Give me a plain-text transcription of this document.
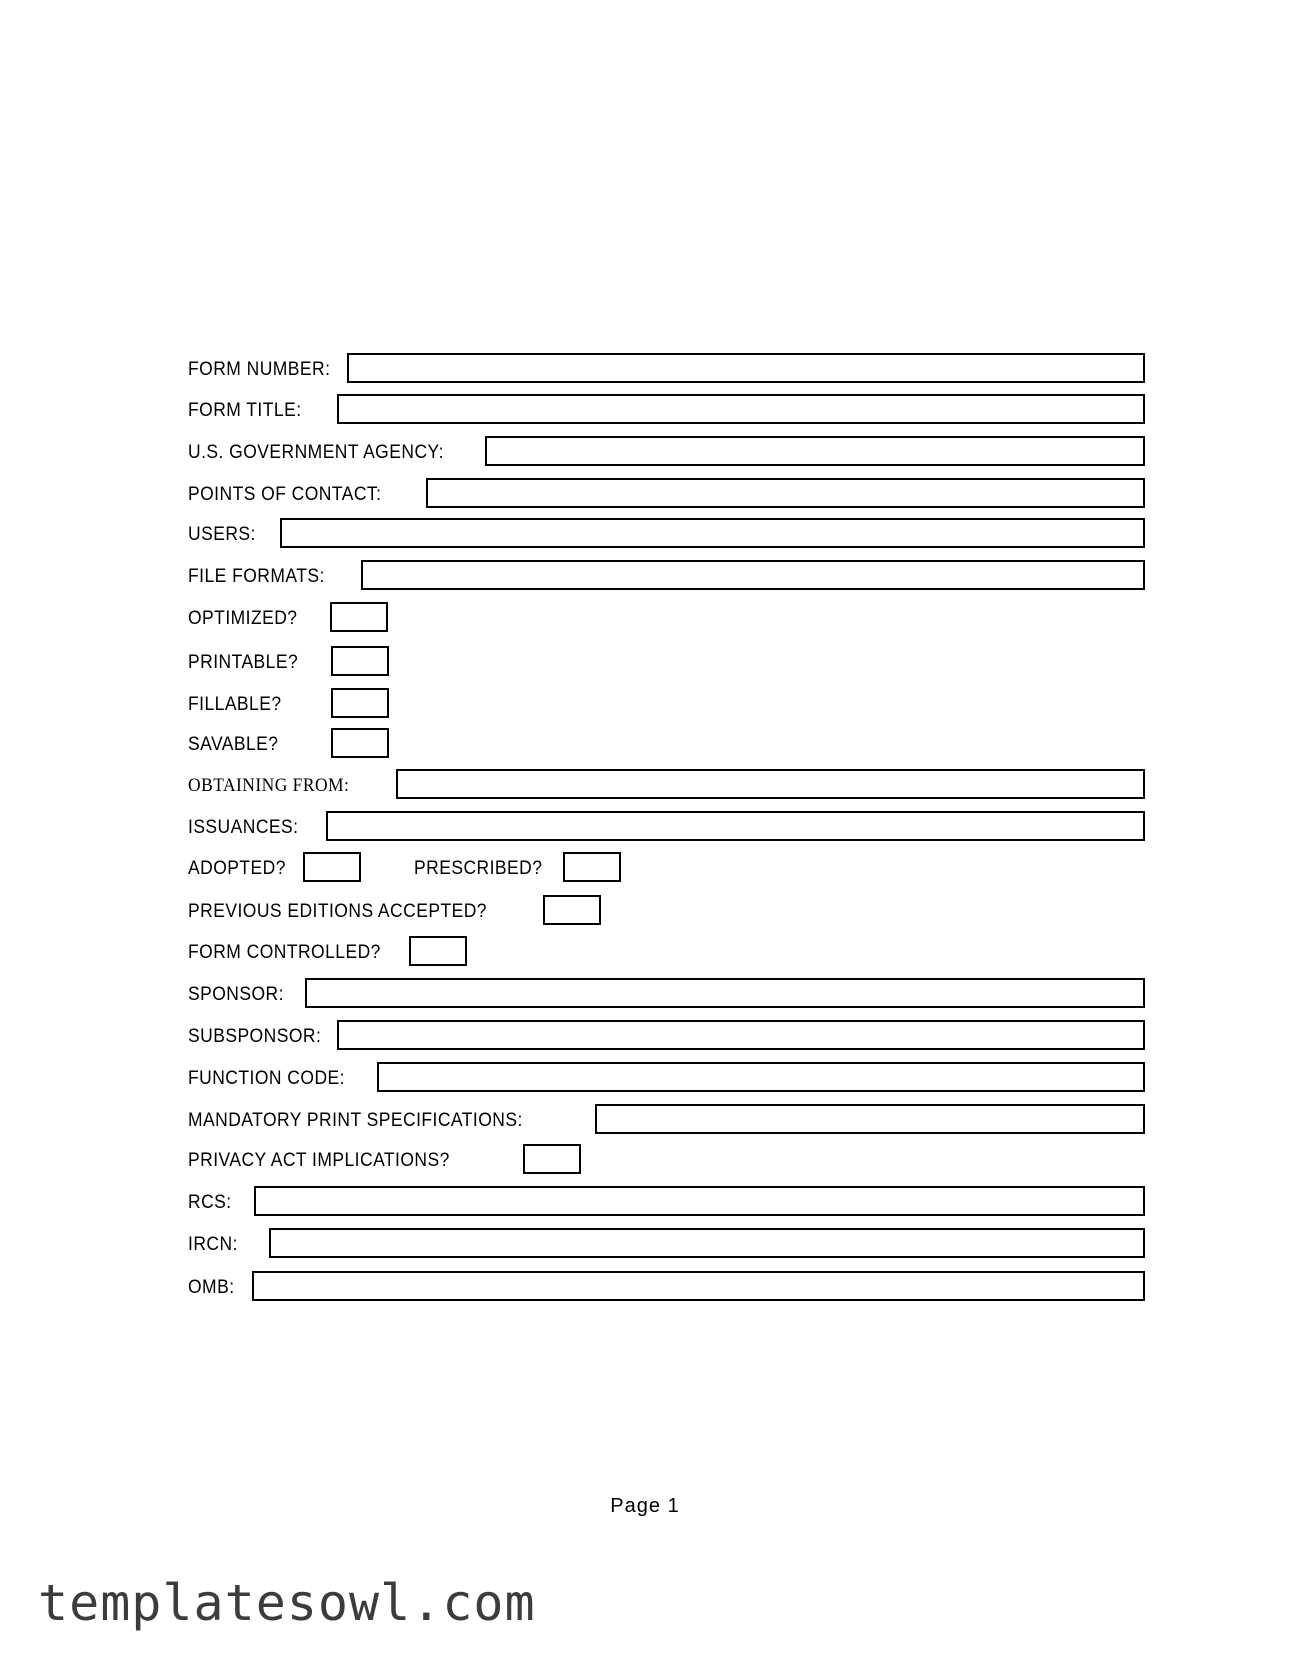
FORM NUMBER:
FORM TITLE:
U.S. GOVERNMENT AGENCY:
POINTS OF CONTACT:
USERS:
FILE FORMATS:
OPTIMIZED?
PRINTABLE?
FILLABLE?
SAVABLE?
OBTAINING FROM:
ISSUANCES:
ADOPTED?	PRESCRIBED?
PREVIOUS EDITIONS ACCEPTED?
FORM CONTROLLED?
SPONSOR:
SUBSPONSOR:
FUNCTION CODE:
MANDATORY PRINT SPECIFICATIONS:
PRIVACY ACT IMPLICATIONS?
RCS:
IRCN:
OMB:
Page 1
templatesowl.com
